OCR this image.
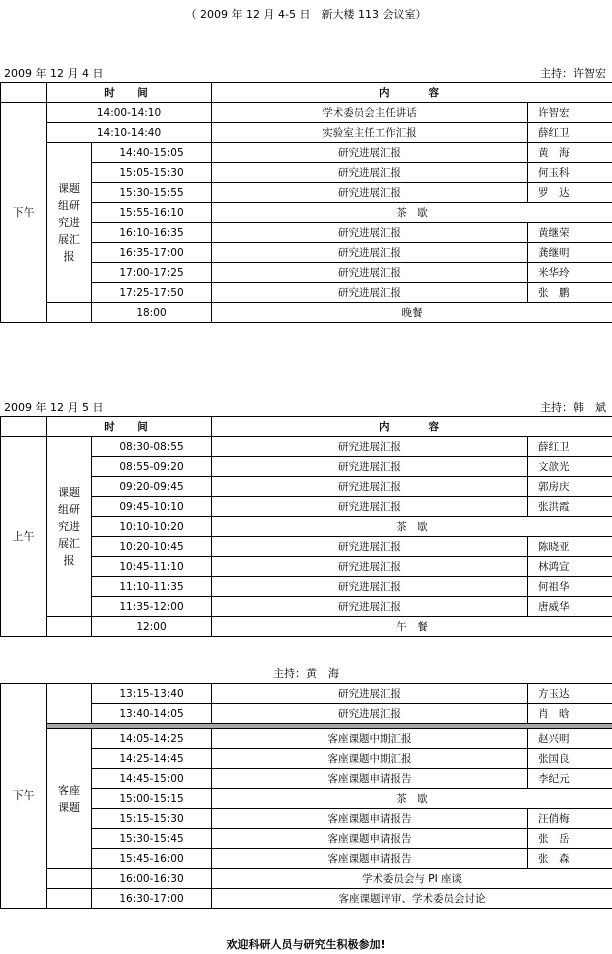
（ 2009 年 12 月 4-5 日　新大楼 113 会议室）
2009 年 12 月 4 日	主持：许智宏
	时　间		内　　容	
下午	14:00-14:10		学术委员会主任讲话	许智宏
	14:10-14:40		实验室主任工作汇报	薛红卫
	课题组研究进展汇报	14:40-15:05	研究进展汇报	黄　海
		15:05-15:30	研究进展汇报	何玉科
		15:30-15:55	研究进展汇报	罗　达
		15:55-16:10	茶　歇	
		16:10-16:35	研究进展汇报	黄继荣
		16:35-17:00	研究进展汇报	龚继明
		17:00-17:25	研究进展汇报	米华玲
		17:25-17:50	研究进展汇报	张　鹏
		18:00	晚餐	
2009 年 12 月 5 日	主持：韩　斌
	时　间		内　　容	
上午	课题组研究进展汇报	08:30-08:55	研究进展汇报	薛红卫
		08:55-09:20	研究进展汇报	文歆光
		09:20-09:45	研究进展汇报	郭房庆
		09:45-10:10	研究进展汇报	张洪霞
		10:10-10:20	茶　歇	
		10:20-10:45	研究进展汇报	陈晓亚
		10:45-11:10	研究进展汇报	林鸿宣
		11:10-11:35	研究进展汇报	何祖华
		11:35-12:00	研究进展汇报	唐威华
		12:00	午　餐	
主持：黄　海
下午		13:15-13:40	研究进展汇报	方玉达
		13:40-14:05	研究进展汇报	肖　晗

	客座课题	14:05-14:25	客座课题中期汇报	赵兴明
		14:25-14:45	客座课题中期汇报	张国良
		14:45-15:00	客座课题申请报告	李纪元
		15:00-15:15	茶　歇	
		15:15-15:30	客座课题申请报告	汪俏梅
		15:30-15:45	客座课题申请报告	张　岳
		15:45-16:00	客座课题申请报告	张　森
		16:00-16:30	学术委员会与 PI 座谈	
		16:30-17:00	客座课题评审、学术委员会讨论	
欢迎科研人员与研究生积极参加!
